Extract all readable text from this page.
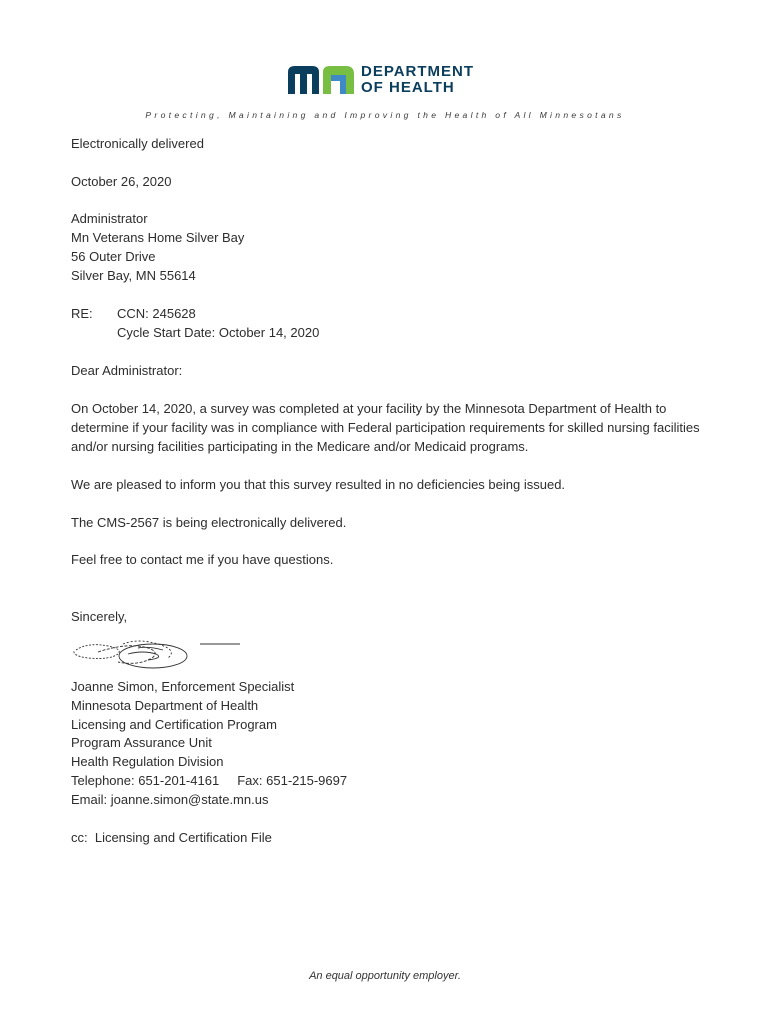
DEPARTMENT
OF HEALTH
Protecting, Maintaining and Improving the Health of All Minnesotans
Electronically delivered
October 26, 2020
Administrator
Mn Veterans Home Silver Bay
56 Outer Drive
Silver Bay, MN 55614
RE: CCN: 245628
Cycle Start Date: October 14, 2020
Dear Administrator:
On October 14, 2020, a survey was completed at your facility by the Minnesota Department of Health to determine if your facility was in compliance with Federal participation requirements for skilled nursing facilities and/or nursing facilities participating in the Medicare and/or Medicaid programs.
We are pleased to inform you that this survey resulted in no deficiencies being issued.
The CMS-2567 is being electronically delivered.
Feel free to contact me if you have questions.
Sincerely,
Joanne Simon, Enforcement Specialist
Minnesota Department of Health
Licensing and Certification Program
Program Assurance Unit
Health Regulation Division
Telephone: 651-201-4161     Fax: 651-215-9697
Email: joanne.simon@state.mn.us
cc:  Licensing and Certification File
An equal opportunity employer.
